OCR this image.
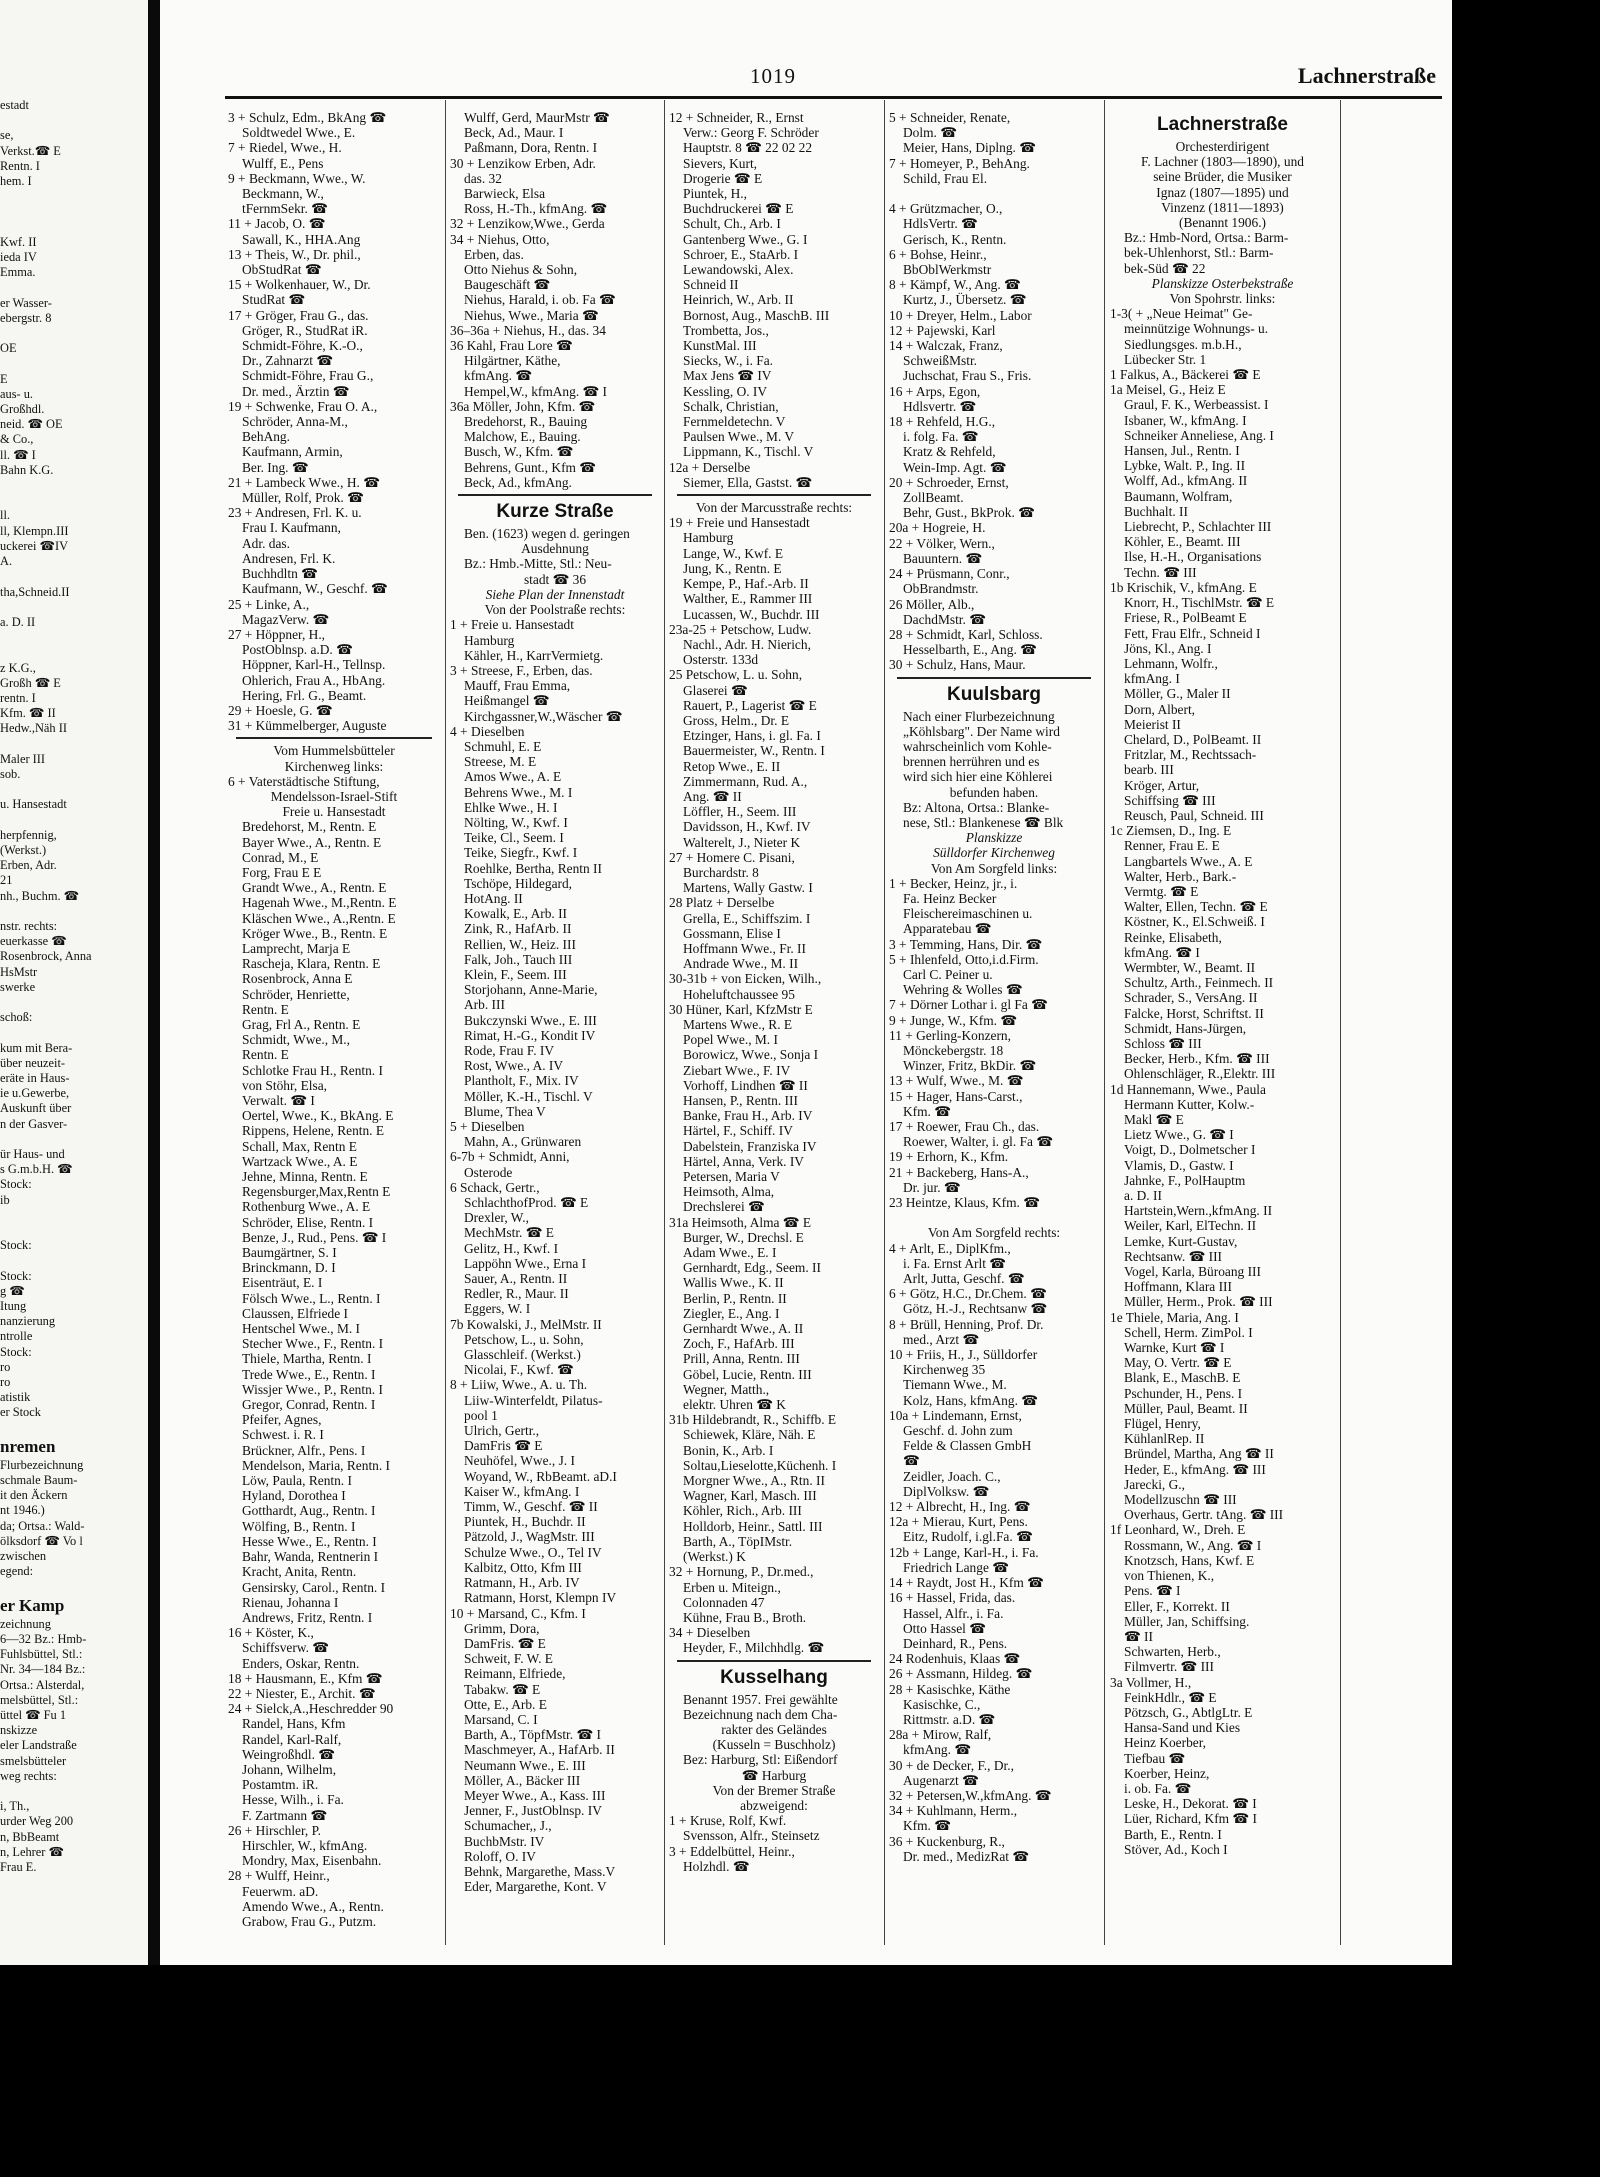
estadt

se,
Verkst.☎ E
Rentn. I
hem. I

Kwf. II
ieda IV
Emma.

er Wasser-
ebergstr. 8

OE

E
aus- u.
Großhdl.
neid. ☎ OE
& Co.,
ll. ☎ I
Bahn K.G.

ll.
ll, Klempn.III
uckerei ☎IV
A.

tha,Schneid.II

a. D. II

z K.G.,
Großh ☎ E
rentn. I
Kfm. ☎ II
Hedw.,Näh II

Maler III
sob.

u. Hansestadt

herpfennig,
(Werkst.)
Erben, Adr.
21
nh., Buchm. ☎

nstr. rechts:
euerkasse ☎
Rosenbrock, Anna
HsMstr
swerke

schoß:

kum mit Bera-
über neuzeit-
eräte in Haus-
ie u.Gewerbe,
Auskunft über
n der Gasver-

ür Haus- und
s G.m.b.H. ☎
Stock:
ib

Stock:

Stock:
g ☎
Itung
nanzierung
ntrolle
Stock:
ro
ro
atistik
er Stock

nremen
Flurbezeichnung
schmale Baum-
it den Äckern
nt 1946.)
da; Ortsa.: Wald-
ölksdorf ☎ Vo l
zwischen
egend:

er Kamp
zeichnung
6—32 Bz.: Hmb-
Fuhlsbüttel, Stl.:
Nr. 34—184 Bz.:
Ortsa.: Alsterdal,
melsbüttel, Stl.:
üttel ☎ Fu 1
nskizze
eler Landstraße
smelsbütteler
weg rechts:

i, Th.,
urder Weg 200
n, BbBeamt
n, Lehrer ☎
Frau E.
1019	Lachnerstraße
3 + Schulz, Edm., BkAng ☎
Soldtwedel Wwe., E.
7 + Riedel, Wwe., H.
Wulff, E., Pens
9 + Beckmann, Wwe., W.
Beckmann, W.,
tFernmSekr. ☎
11 + Jacob, O. ☎
Sawall, K., HHA.Ang
13 + Theis, W., Dr. phil.,
ObStudRat ☎
15 + Wolkenhauer, W., Dr.
StudRat ☎
17 + Gröger, Frau G., das.
Gröger, R., StudRat iR.
Schmidt-Föhre, K.-O.,
Dr., Zahnarzt ☎
Schmidt-Föhre, Frau G.,
Dr. med., Ärztin ☎
19 + Schwenke, Frau O. A.,
Schröder, Anna-M.,
BehAng.
Kaufmann, Armin,
Ber. Ing. ☎
21 + Lambeck Wwe., H. ☎
Müller, Rolf, Prok. ☎
23 + Andresen, Frl. K. u.
Frau I. Kaufmann,
Adr. das.
Andresen, Frl. K.
Buchhdltn ☎
Kaufmann, W., Geschf. ☎
25 + Linke, A.,
MagazVerw. ☎
27 + Höppner, H.,
PostOblnsp. a.D. ☎
Höppner, Karl-H., Tellnsp.
Ohlerich, Frau A., HbAng.
Hering, Frl. G., Beamt.
29 + Hoesle, G. ☎
31 + Kümmelberger, Auguste
Vom Hummelsbütteler
Kirchenweg links:
6 + Vaterstädtische Stiftung,
Mendelsson-Israel-Stift
Freie u. Hansestadt
Bredehorst, M., Rentn. E
Bayer Wwe., A., Rentn. E
Conrad, M., E
Forg, Frau E E
Grandt Wwe., A., Rentn. E
Hagenah Wwe., M.,Rentn. E
Kläschen Wwe., A.,Rentn. E
Kröger Wwe., B., Rentn. E
Lamprecht, Marja E
Rascheja, Klara, Rentn. E
Rosenbrock, Anna E
Schröder, Henriette,
Rentn. E
Grag, Frl A., Rentn. E
Schmidt, Wwe., M.,
Rentn. E
Schlotke Frau H., Rentn. I
von Stöhr, Elsa,
Verwalt. ☎ I
Oertel, Wwe., K., BkAng. E
Rippens, Helene, Rentn. E
Schall, Max, Rentn E
Wartzack Wwe., A. E
Jehne, Minna, Rentn. E
Regensburger,Max,Rentn E
Rothenburg Wwe., A. E
Schröder, Elise, Rentn. I
Benze, J., Rud., Pens. ☎ I
Baumgärtner, S. I
Brinckmann, D. I
Eisenträut, E. I
Fölsch Wwe., L., Rentn. I
Claussen, Elfriede I
Hentschel Wwe., M. I
Stecher Wwe., F., Rentn. I
Thiele, Martha, Rentn. I
Trede Wwe., E., Rentn. I
Wissjer Wwe., P., Rentn. I
Gregor, Conrad, Rentn. I
Pfeifer, Agnes,
Schwest. i. R. I
Brückner, Alfr., Pens. I
Mendelson, Maria, Rentn. I
Löw, Paula, Rentn. I
Hyland, Dorothea I
Gotthardt, Aug., Rentn. I
Wölfing, B., Rentn. I
Hesse Wwe., E., Rentn. I
Bahr, Wanda, Rentnerin I
Kracht, Anita, Rentn.
Gensirsky, Carol., Rentn. I
Rienau, Johanna I
Andrews, Fritz, Rentn. I
16 + Köster, K.,
Schiffsverw. ☎
Enders, Oskar, Rentn.
18 + Hausmann, E., Kfm ☎
22 + Niester, E., Archit. ☎
24 + Sielck,A.,Heschredder 90
Randel, Hans, Kfm
Randel, Karl-Ralf,
Weingroßhdl. ☎
Johann, Wilhelm,
Postamtm. iR.
Hesse, Wilh., i. Fa.
F. Zartmann ☎
26 + Hirschler, P.
Hirschler, W., kfmAng.
Mondry, Max, Eisenbahn.
28 + Wulff, Heinr.,
Feuerwm. aD.
Amendo Wwe., A., Rentn.
Grabow, Frau G., Putzm.
Wulff, Gerd, MaurMstr ☎
Beck, Ad., Maur. I
Paßmann, Dora, Rentn. I
30 + Lenzikow Erben, Adr.
das. 32
Barwieck, Elsa
Ross, H.-Th., kfmAng. ☎
32 + Lenzikow,Wwe., Gerda
34 + Niehus, Otto,
Erben, das.
Otto Niehus & Sohn,
Baugeschäft ☎
Niehus, Harald, i. ob. Fa ☎
Niehus, Wwe., Maria ☎
36–36a + Niehus, H., das. 34
36 Kahl, Frau Lore ☎
Hilgärtner, Käthe,
kfmAng. ☎
Hempel,W., kfmAng. ☎ I
36a Möller, John, Kfm. ☎
Bredehorst, R., Bauing
Malchow, E., Bauing.
Busch, W., Kfm. ☎
Behrens, Gunt., Kfm ☎
Beck, Ad., kfmAng.
Kurze Straße
Ben. (1623) wegen d. geringen
Ausdehnung
Bz.: Hmb.-Mitte, Stl.: Neu-
stadt ☎ 36
Siehe Plan der Innenstadt
Von der Poolstraße rechts:
1 + Freie u. Hansestadt
Hamburg
Kähler, H., KarrVermietg.
3 + Streese, F., Erben, das.
Mauff, Frau Emma,
Heißmangel ☎
Kirchgassner,W.,Wäscher ☎
4 + Dieselben
Schmuhl, E. E
Streese, M. E
Amos Wwe., A. E
Behrens Wwe., M. I
Ehlke Wwe., H. I
Nölting, W., Kwf. I
Teike, Cl., Seem. I
Teike, Siegfr., Kwf. I
Roehlke, Bertha, Rentn II
Tschöpe, Hildegard,
HotAng. II
Kowalk, E., Arb. II
Zink, R., HafArb. II
Rellien, W., Heiz. III
Falk, Joh., Tauch III
Klein, F., Seem. III
Storjohann, Anne-Marie,
Arb. III
Bukczynski Wwe., E. III
Rimat, H.-G., Kondit IV
Rode, Frau F. IV
Rost, Wwe., A. IV
Plantholt, F., Mix. IV
Möller, K.-H., Tischl. V
Blume, Thea V
5 + Dieselben
Mahn, A., Grünwaren
6-7b + Schmidt, Anni,
Osterode
6 Schack, Gertr.,
SchlachthofProd. ☎ E
Drexler, W.,
MechMstr. ☎ E
Gelitz, H., Kwf. I
Lappöhn Wwe., Erna I
Sauer, A., Rentn. II
Redler, R., Maur. II
Eggers, W. I
7b Kowalski, J., MelMstr. II
Petschow, L., u. Sohn,
Glasschleif. (Werkst.)
Nicolai, F., Kwf. ☎
8 + Liiw, Wwe., A. u. Th.
Liiw-Winterfeldt, Pilatus-
pool 1
Ulrich, Gertr.,
DamFris ☎ E
Neuhöfel, Wwe., J. I
Woyand, W., RbBeamt. aD.I
Kaiser W., kfmAng. I
Timm, W., Geschf. ☎ II
Piuntek, H., Buchdr. II
Pätzold, J., WagMstr. III
Schulze Wwe., O., Tel IV
Kalbitz, Otto, Kfm III
Ratmann, H., Arb. IV
Ratmann, Horst, Klempn IV
10 + Marsand, C., Kfm. I
Grimm, Dora,
DamFris. ☎ E
Schweit, F. W. E
Reimann, Elfriede,
Tabakw. ☎ E
Otte, E., Arb. E
Marsand, C. I
Barth, A., TöpfMstr. ☎ I
Maschmeyer, A., HafArb. II
Neumann Wwe., E. III
Möller, A., Bäcker III
Meyer Wwe., A., Kass. III
Jenner, F., JustOblnsp. IV
Schumacher,, J.,
BuchbMstr. IV
Roloff, O. IV
Behnk, Margarethe, Mass.V
Eder, Margarethe, Kont. V
12 + Schneider, R., Ernst
Verw.: Georg F. Schröder
Hauptstr. 8 ☎ 22 02 22
Sievers, Kurt,
Drogerie ☎ E
Piuntek, H.,
Buchdruckerei ☎ E
Schult, Ch., Arb. I
Gantenberg Wwe., G. I
Schroer, E., StaArb. I
Lewandowski, Alex.
Schneid II
Heinrich, W., Arb. II
Bornost, Aug., MaschB. III
Trombetta, Jos.,
KunstMal. III
Siecks, W., i. Fa.
Max Jens ☎ IV
Kessling, O. IV
Schalk, Christian,
Fernmeldetechn. V
Paulsen Wwe., M. V
Lippmann, K., Tischl. V
12a + Derselbe
Siemer, Ella, Gastst. ☎
Von der Marcusstraße rechts:
19 + Freie und Hansestadt
Hamburg
Lange, W., Kwf. E
Jung, K., Rentn. E
Kempe, P., Haf.-Arb. II
Walther, E., Rammer III
Lucassen, W., Buchdr. III
23a-25 + Petschow, Ludw.
Nachl., Adr. H. Nierich,
Osterstr. 133d
25 Petschow, L. u. Sohn,
Glaserei ☎
Rauert, P., Lagerist ☎ E
Gross, Helm., Dr. E
Etzinger, Hans, i. gl. Fa. I
Bauermeister, W., Rentn. I
Retop Wwe., E. II
Zimmermann, Rud. A.,
Ang. ☎ II
Löffler, H., Seem. III
Davidsson, H., Kwf. IV
Walterelt, J., Nieter K
27 + Homere C. Pisani,
Burchardstr. 8
Martens, Wally Gastw. I
28 Platz + Derselbe
Grella, E., Schiffszim. I
Gossmann, Elise I
Hoffmann Wwe., Fr. II
Andrade Wwe., M. II
30-31b + von Eicken, Wilh.,
Hoheluftchaussee 95
30 Hüner, Karl, KfzMstr E
Martens Wwe., R. E
Popel Wwe., M. I
Borowicz, Wwe., Sonja I
Ziebart Wwe., F. IV
Vorhoff, Lindhen ☎ II
Hansen, P., Rentn. III
Banke, Frau H., Arb. IV
Härtel, F., Schiff. IV
Dabelstein, Franziska IV
Härtel, Anna, Verk. IV
Petersen, Maria V
Heimsoth, Alma,
Drechslerei ☎
31a Heimsoth, Alma ☎ E
Burger, W., Drechsl. E
Adam Wwe., E. I
Gernhardt, Edg., Seem. II
Wallis Wwe., K. II
Berlin, P., Rentn. II
Ziegler, E., Ang. I
Gernhardt Wwe., A. II
Zoch, F., HafArb. III
Prill, Anna, Rentn. III
Göbel, Lucie, Rentn. III
Wegner, Matth.,
elektr. Uhren ☎ K
31b Hildebrandt, R., Schiffb. E
Schiewek, Kläre, Näh. E
Bonin, K., Arb. I
Soltau,Lieselotte,Küchenh. I
Morgner Wwe., A., Rtn. II
Wagner, Karl, Masch. III
Köhler, Rich., Arb. III
Holldorb, Heinr., Sattl. III
Barth, A., TöpIMstr.
(Werkst.) K
32 + Hornung, P., Dr.med.,
Erben u. Miteign.,
Colonnaden 47
Kühne, Frau B., Broth.
34 + Dieselben
Heyder, F., Milchhdlg. ☎
Kusselhang
Benannt 1957. Frei gewählte
Bezeichnung nach dem Cha-
rakter des Geländes
(Kusseln = Buschholz)
Bez: Harburg, Stl: Eißendorf
☎ Harburg
Von der Bremer Straße
abzweigend:
1 + Kruse, Rolf, Kwf.
Svensson, Alfr., Steinsetz
3 + Eddelbüttel, Heinr.,
Holzhdl. ☎
5 + Schneider, Renate,
Dolm. ☎
Meier, Hans, Diplng. ☎
7 + Homeyer, P., BehAng.
Schild, Frau El.

4 + Grützmacher, O.,
HdlsVertr. ☎
Gerisch, K., Rentn.
6 + Bohse, Heinr.,
BbOblWerkmstr
8 + Kämpf, W., Ang. ☎
Kurtz, J., Übersetz. ☎
10 + Dreyer, Helm., Labor
12 + Pajewski, Karl
14 + Walczak, Franz,
SchweißMstr.
Juchschat, Frau S., Fris.
16 + Arps, Egon,
Hdlsvertr. ☎
18 + Rehfeld, H.G.,
i. folg. Fa. ☎
Kratz & Rehfeld,
Wein-Imp. Agt. ☎
20 + Schroeder, Ernst,
ZollBeamt.
Behr, Gust., BkProk. ☎
20a + Hogreie, H.
22 + Völker, Wern.,
Bauuntern. ☎
24 + Prüsmann, Conr.,
ObBrandmstr.
26 Möller, Alb.,
DachdMstr. ☎
28 + Schmidt, Karl, Schloss.
Hesselbarth, E., Ang. ☎
30 + Schulz, Hans, Maur.
Kuulsbarg
Nach einer Flurbezeichnung
„Köhlsbarg". Der Name wird
wahrscheinlich vom Kohle-
brennen herrühren und es
wird sich hier eine Köhlerei
befunden haben.
Bz: Altona, Ortsa.: Blanke-
nese, Stl.: Blankenese ☎ Blk
Planskizze
Sülldorfer Kirchenweg
Von Am Sorgfeld links:
1 + Becker, Heinz, jr., i.
Fa. Heinz Becker
Fleischereimaschinen u.
Apparatebau ☎
3 + Temming, Hans, Dir. ☎
5 + Ihlenfeld, Otto,i.d.Firm.
Carl C. Peiner u.
Wehring & Wolles ☎
7 + Dörner Lothar i. gl Fa ☎
9 + Junge, W., Kfm. ☎
11 + Gerling-Konzern,
Mönckebergstr. 18
Winzer, Fritz, BkDir. ☎
13 + Wulf, Wwe., M. ☎
15 + Hager, Hans-Carst.,
Kfm. ☎
17 + Roewer, Frau Ch., das.
Roewer, Walter, i. gl. Fa ☎
19 + Erhorn, K., Kfm.
21 + Backeberg, Hans-A.,
Dr. jur. ☎
23 Heintze, Klaus, Kfm. ☎

Von Am Sorgfeld rechts:
4 + Arlt, E., DiplKfm.,
i. Fa. Ernst Arlt ☎
Arlt, Jutta, Geschf. ☎
6 + Götz, H.C., Dr.Chem. ☎
Götz, H.-J., Rechtsanw ☎
8 + Brüll, Henning, Prof. Dr.
med., Arzt ☎
10 + Friis, H., J., Sülldorfer
Kirchenweg 35
Tiemann Wwe., M.
Kolz, Hans, kfmAng. ☎
10a + Lindemann, Ernst,
Geschf. d. John zum
Felde & Classen GmbH
☎
Zeidler, Joach. C.,
DiplVolksw. ☎
12 + Albrecht, H., Ing. ☎
12a + Mierau, Kurt, Pens.
Eitz, Rudolf, i.gl.Fa. ☎
12b + Lange, Karl-H., i. Fa.
Friedrich Lange ☎
14 + Raydt, Jost H., Kfm ☎
16 + Hassel, Frida, das.
Hassel, Alfr., i. Fa.
Otto Hassel ☎
Deinhard, R., Pens.
24 Rodenhuis, Klaas ☎
26 + Assmann, Hildeg. ☎
28 + Kasischke, Käthe
Kasischke, C.,
Rittmstr. a.D. ☎
28a + Mirow, Ralf,
kfmAng. ☎
30 + de Decker, F., Dr.,
Augenarzt ☎
32 + Petersen,W.,kfmAng. ☎
34 + Kuhlmann, Herm.,
Kfm. ☎
36 + Kuckenburg, R.,
Dr. med., MedizRat ☎
Lachnerstraße
Orchesterdirigent
F. Lachner (1803—1890), und
seine Brüder, die Musiker
Ignaz (1807—1895) und
Vinzenz (1811—1893)
(Benannt 1906.)
Bz.: Hmb-Nord, Ortsa.: Barm-
bek-Uhlenhorst, Stl.: Barm-
bek-Süd ☎ 22
Planskizze Osterbekstraße
Von Spohrstr. links:
1-3( + „Neue Heimat" Ge-
meinnützige Wohnungs- u.
Siedlungsges. m.b.H.,
Lübecker Str. 1
1 Falkus, A., Bäckerei ☎ E
1a Meisel, G., Heiz E
Graul, F. K., Werbeassist. I
Isbaner, W., kfmAng. I
Schneiker Anneliese, Ang. I
Hansen, Jul., Rentn. I
Lybke, Walt. P., Ing. II
Wolff, Ad., kfmAng. II
Baumann, Wolfram,
Buchhalt. II
Liebrecht, P., Schlachter III
Köhler, E., Beamt. III
Ilse, H.-H., Organisations
Techn. ☎ III
1b Krischik, V., kfmAng. E
Knorr, H., TischlMstr. ☎ E
Friese, R., PolBeamt E
Fett, Frau Elfr., Schneid I
Jöns, Kl., Ang. I
Lehmann, Wolfr.,
kfmAng. I
Möller, G., Maler II
Dorn, Albert,
Meierist II
Chelard, D., PolBeamt. II
Fritzlar, M., Rechtssach-
bearb. III
Kröger, Artur,
Schiffsing ☎ III
Reusch, Paul, Schneid. III
1c Ziemsen, D., Ing. E
Renner, Frau E. E
Langbartels Wwe., A. E
Walter, Herb., Bark.-
Vermtg. ☎ E
Walter, Ellen, Techn. ☎ E
Köstner, K., El.Schweiß. I
Reinke, Elisabeth,
kfmAng. ☎ I
Wermbter, W., Beamt. II
Schultz, Arth., Feinmech. II
Schrader, S., VersAng. II
Falcke, Horst, Schriftst. II
Schmidt, Hans-Jürgen,
Schloss ☎ III
Becker, Herb., Kfm. ☎ III
Ohlenschläger, R.,Elektr. III
1d Hannemann, Wwe., Paula
Hermann Kutter, Kolw.-
Makl ☎ E
Lietz Wwe., G. ☎ I
Voigt, D., Dolmetscher I
Vlamis, D., Gastw. I
Jahnke, F., PolHauptm
a. D. II
Hartstein,Wern.,kfmAng. II
Weiler, Karl, ElTechn. II
Lemke, Kurt-Gustav,
Rechtsanw. ☎ III
Vogel, Karla, Büroang III
Hoffmann, Klara III
Müller, Herm., Prok. ☎ III
1e Thiele, Maria, Ang. I
Schell, Herm. ZimPol. I
Warnke, Kurt ☎ I
May, O. Vertr. ☎ E
Blank, E., MaschB. E
Pschunder, H., Pens. I
Müller, Paul, Beamt. II
Flügel, Henry,
KühlanlRep. II
Bründel, Martha, Ang ☎ II
Heder, E., kfmAng. ☎ III
Jarecki, G.,
Modellzuschn ☎ III
Overhaus, Gertr. tAng. ☎ III
1f Leonhard, W., Dreh. E
Rossmann, W., Ang. ☎ I
Knotzsch, Hans, Kwf. E
von Thienen, K.,
Pens. ☎ I
Eller, F., Korrekt. II
Müller, Jan, Schiffsing.
☎ II
Schwarten, Herb.,
Filmvertr. ☎ III
3a Vollmer, H.,
FeinkHdlr., ☎ E
Pötzsch, G., AbtlgLtr. E
Hansa-Sand und Kies
Heinz Koerber,
Tiefbau ☎
Koerber, Heinz,
i. ob. Fa. ☎
Leske, H., Dekorat. ☎ I
Lüer, Richard, Kfm ☎ I
Barth, E., Rentn. I
Stöver, Ad., Koch I
